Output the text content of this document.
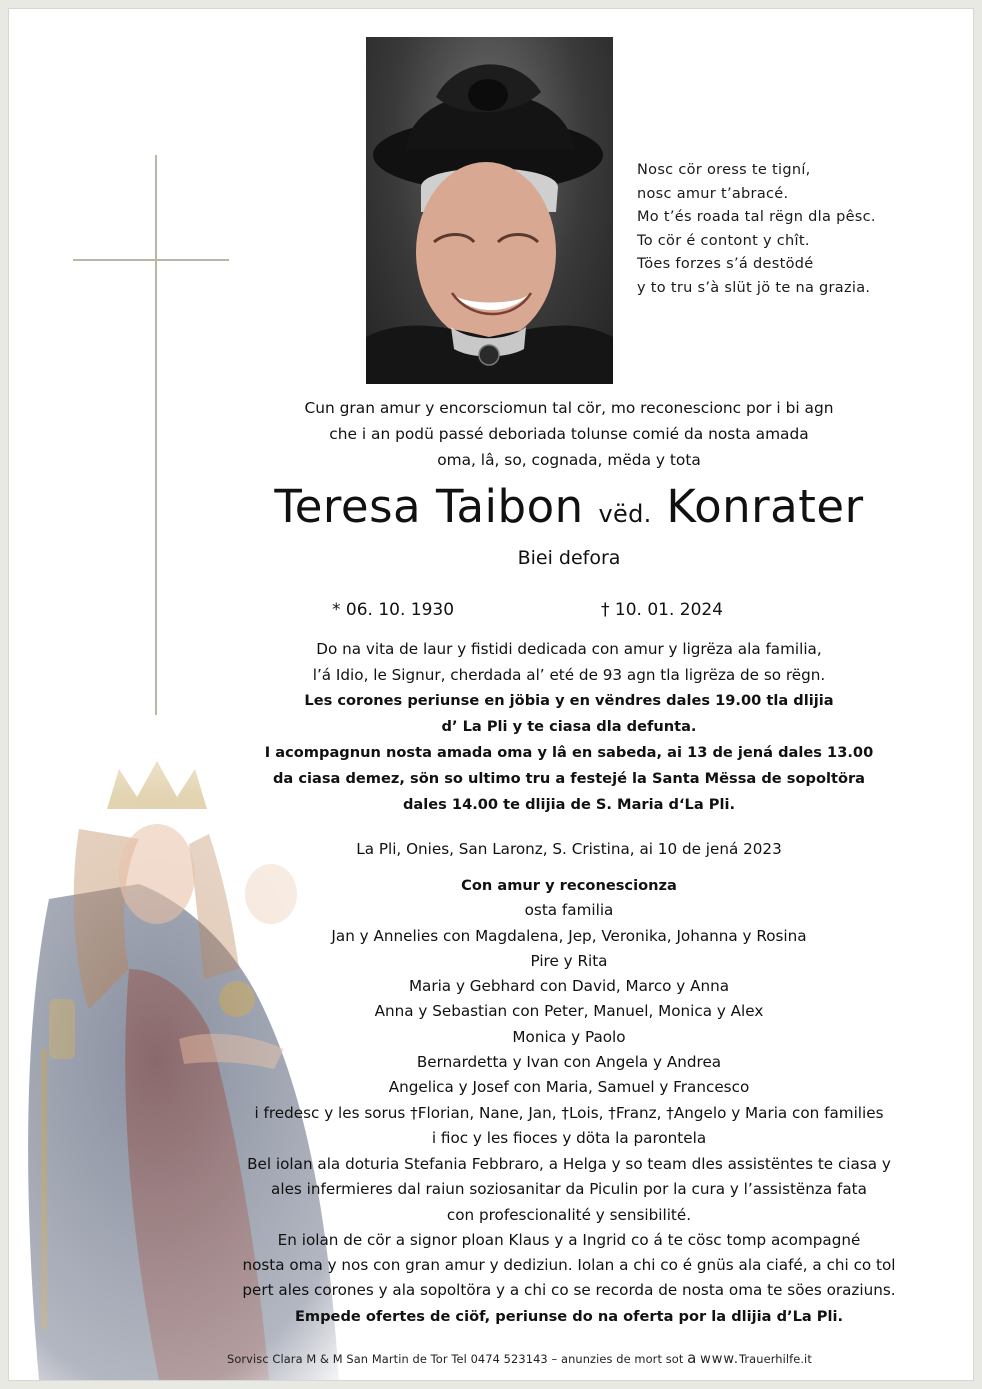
Nosc cör oress te tigní,
nosc amur t’abracé.
Mo t’és roada tal rëgn dla pêsc.
To cör é contont y chît.
Töes forzes s’á destödé
y to tru s’à slüt jö te na grazia.
Cun gran amur y encorsciomun tal cör, mo reconescionc por i bi agn
che i an podü passé deboriada tolunse comié da nosta amada
oma, lâ, so, cognada, mëda y tota
Teresa Taibon vëd. Konrater
Biei defora
* 06. 10. 1930	† 10. 01. 2024
Do na vita de laur y fistidi dedicada con amur y ligrëza ala familia,
l’á Idio, le Signur, cherdada al’ eté de 93 agn tla ligrëza de so rëgn.
Les corones periunse en jöbia y en vëndres dales 19.00 tla dlijia
d’ La Pli y te ciasa dla defunta.
I acompagnun nosta amada oma y lâ en sabeda, ai 13 de jená dales 13.00
da ciasa demez, sön so ultimo tru a festejé la Santa Mëssa de sopoltöra
dales 14.00 te dlijia de S. Maria d‘La Pli.
La Pli, Onies, San Laronz, S. Cristina, ai 10 de jená 2023
Con amur y reconescionza
osta familia
Jan y Annelies con Magdalena, Jep, Veronika, Johanna y Rosina
Pire y Rita
Maria y Gebhard con David, Marco y Anna
Anna y Sebastian con Peter, Manuel, Monica y Alex
Monica y Paolo
Bernardetta y Ivan con Angela y Andrea
Angelica y Josef con Maria, Samuel y Francesco
i fredesc y les sorus †Florian, Nane, Jan, †Lois, †Franz, †Angelo y Maria con families
i fioc y les fioces y döta la parontela
Bel iolan ala doturia Stefania Febbraro, a Helga y so team dles assistëntes te ciasa y
ales infermieres dal raiun soziosanitar da Piculin por la cura y l’assistënza fata
con profescionalité y sensibilité.
En iolan de cör a signor ploan Klaus y a Ingrid co á te cösc tomp acompagné
nosta oma y nos con gran amur y dediziun. Iolan a chi co é gnüs ala ciafé, a chi co tol
pert ales corones y ala sopoltöra y a chi co se recorda de nosta oma te söes oraziuns.
Empede ofertes de ciöf, periunse do na oferta por la dlijia d’La Pli.
Sorvisc Clara M & M San Martin de Tor Tel 0474 523143 – anunzies de mort sot a www.Trauerhilfe.it
